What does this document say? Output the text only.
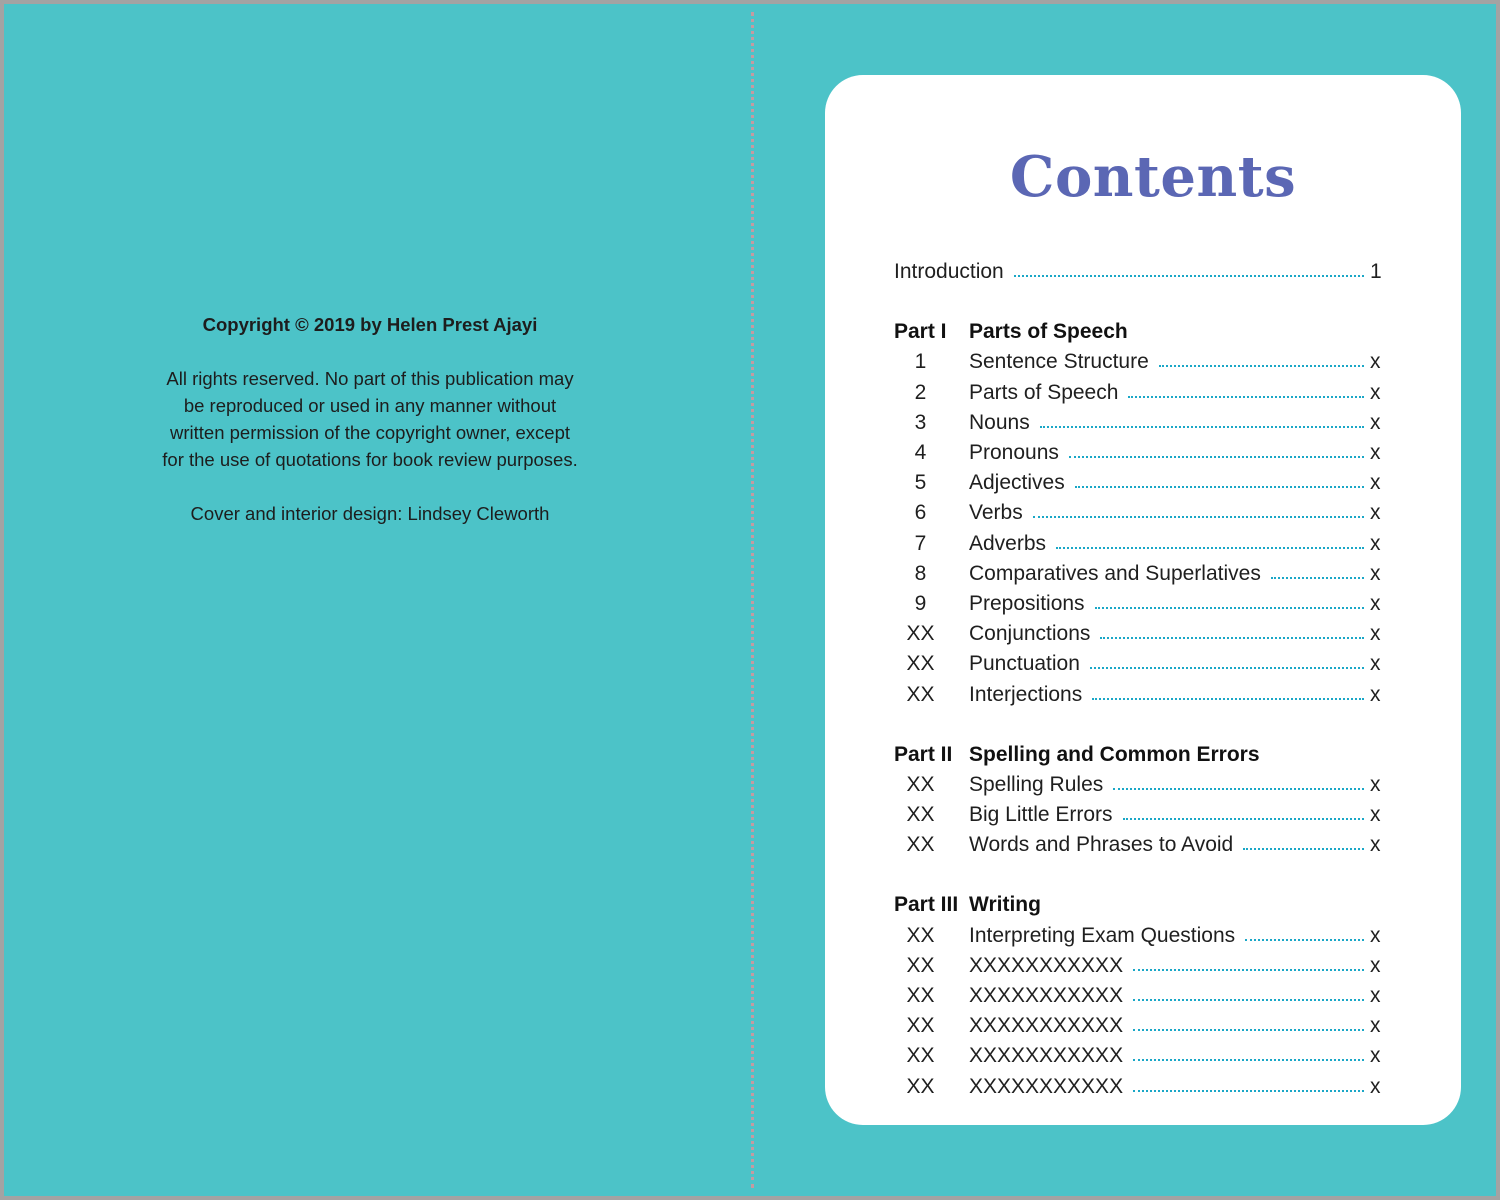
Copyright © 2019 by Helen Prest Ajayi

All rights reserved. No part of this publication may

be reproduced or used in any manner without

written permission of the copyright owner, except

for the use of quotations for book review purposes.

Cover and interior design: Lindsey Cleworth

Contents
Introduction	1
Part I	Parts of Speech
1	Sentence Structure	x
2	Parts of Speech	x
3	Nouns	x
4	Pronouns	x
5	Adjectives	x
6	Verbs	x
7	Adverbs	x
8	Comparatives and Superlatives	x
9	Prepositions	x
XX	Conjunctions	x
XX	Punctuation	x
XX	Interjections	x
Part II Spelling and Common Errors
XX	Spelling Rules	x
XX	Big Little Errors	x
XX	Words and Phrases to Avoid	x
Part III Writing
XX	Interpreting Exam Questions	x
XX	XXXXXXXXXXX	x
XX	XXXXXXXXXXX	x
XX	XXXXXXXXXXX	x
XX	XXXXXXXXXXX	x
XX	XXXXXXXXXXX	x
